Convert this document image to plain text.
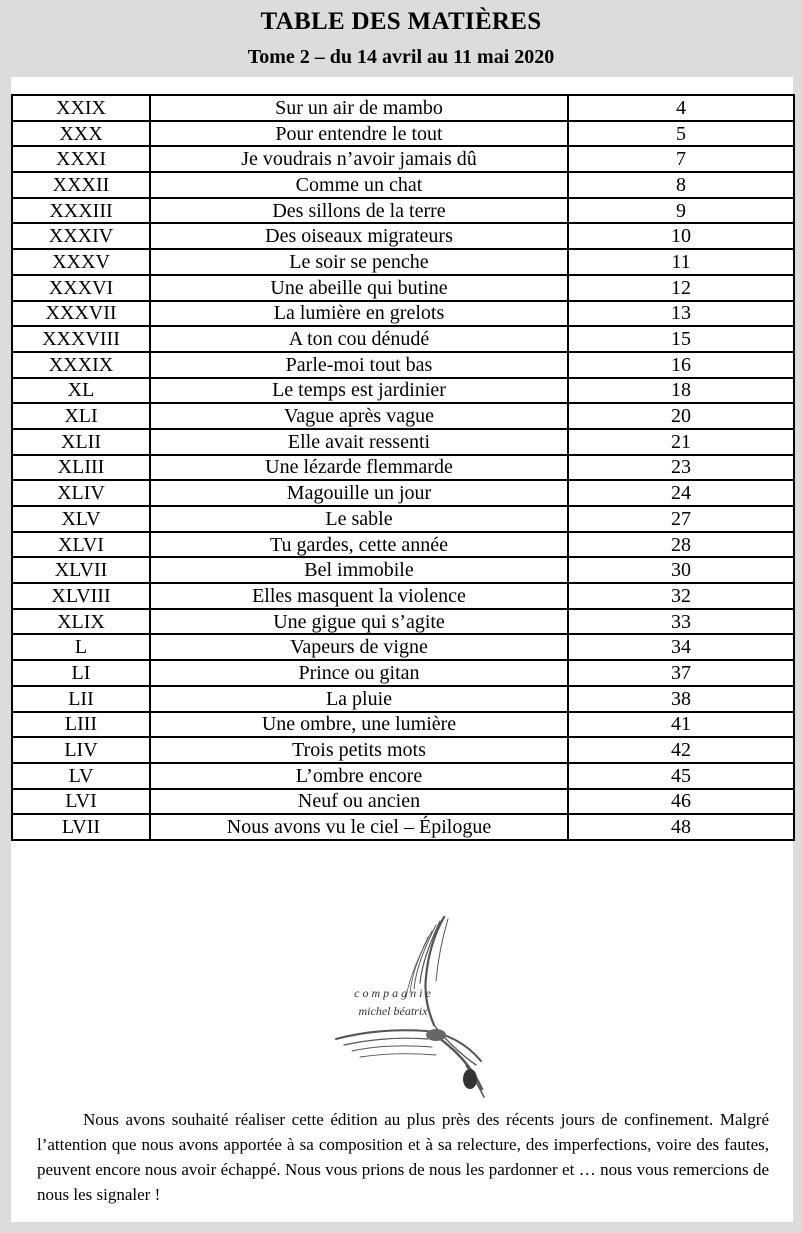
TABLE DES MATIÈRES
Tome 2 – du 14 avril au 11 mai 2020
XXIX	Sur un air de mambo	4
XXX	Pour entendre le tout	5
XXXI	Je voudrais n’avoir jamais dû	7
XXXII	Comme un chat	8
XXXIII	Des sillons de la terre	9
XXXIV	Des oiseaux migrateurs	10
XXXV	Le soir se penche	11
XXXVI	Une abeille qui butine	12
XXXVII	La lumière en grelots	13
XXXVIII	A ton cou dénudé	15
XXXIX	Parle-moi tout bas	16
XL	Le temps est jardinier	18
XLI	Vague après vague	20
XLII	Elle avait ressenti	21
XLIII	Une lézarde flemmarde	23
XLIV	Magouille un jour	24
XLV	Le sable	27
XLVI	Tu gardes, cette année	28
XLVII	Bel immobile	30
XLVIII	Elles masquent la violence	32
XLIX	Une gigue qui s’agite	33
L	Vapeurs de vigne	34
LI	Prince ou gitan	37
LII	La pluie	38
LIII	Une ombre, une lumière	41
LIV	Trois petits mots	42
LV	L’ombre encore	45
LVI	Neuf ou ancien	46
LVII	Nous avons vu le ciel – Épilogue	48
compagnie
michel béatrix
Nous avons souhaité réaliser cette édition au plus près des récents jours de confinement. Malgré l’attention que nous avons apportée à sa composition et à sa relecture, des imperfections, voire des fautes, peuvent encore nous avoir échappé. Nous vous prions de nous les pardonner et … nous vous remercions de nous les signaler !
